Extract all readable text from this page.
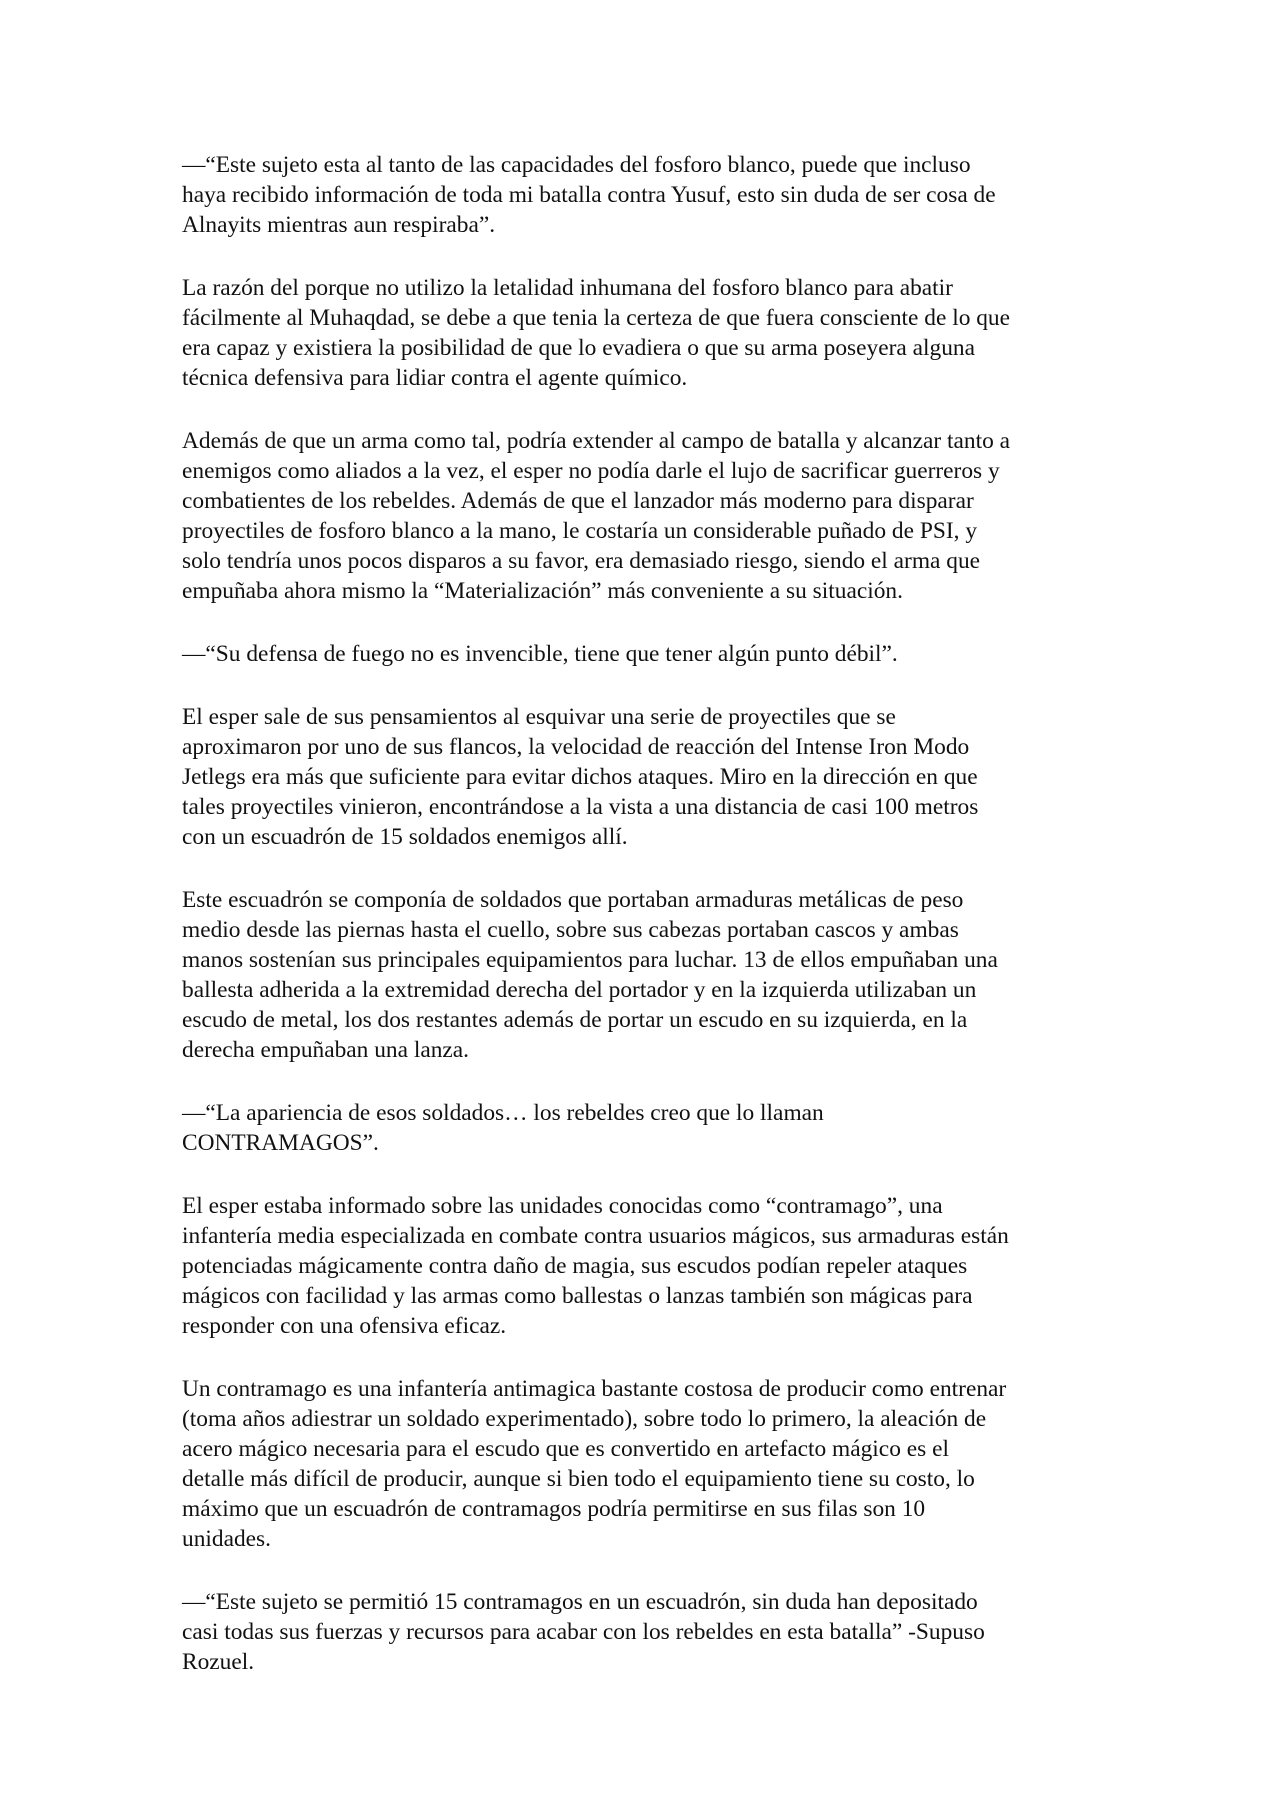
—“Este sujeto esta al tanto de las capacidades del fosforo blanco, puede que incluso
haya recibido información de toda mi batalla contra Yusuf, esto sin duda de ser cosa de
Alnayits mientras aun respiraba”.

La razón del porque no utilizo la letalidad inhumana del fosforo blanco para abatir
fácilmente al Muhaqdad, se debe a que tenia la certeza de que fuera consciente de lo que
era capaz y existiera la posibilidad de que lo evadiera o que su arma poseyera alguna
técnica defensiva para lidiar contra el agente químico.

Además de que un arma como tal, podría extender al campo de batalla y alcanzar tanto a
enemigos como aliados a la vez, el esper no podía darle el lujo de sacrificar guerreros y
combatientes de los rebeldes. Además de que el lanzador más moderno para disparar
proyectiles de fosforo blanco a la mano, le costaría un considerable puñado de PSI, y
solo tendría unos pocos disparos a su favor, era demasiado riesgo, siendo el arma que
empuñaba ahora mismo la “Materialización” más conveniente a su situación.

—“Su defensa de fuego no es invencible, tiene que tener algún punto débil”.

El esper sale de sus pensamientos al esquivar una serie de proyectiles que se
aproximaron por uno de sus flancos, la velocidad de reacción del Intense Iron Modo
Jetlegs era más que suficiente para evitar dichos ataques. Miro en la dirección en que
tales proyectiles vinieron, encontrándose a la vista a una distancia de casi 100 metros
con un escuadrón de 15 soldados enemigos allí.

Este escuadrón se componía de soldados que portaban armaduras metálicas de peso
medio desde las piernas hasta el cuello, sobre sus cabezas portaban cascos y ambas
manos sostenían sus principales equipamientos para luchar. 13 de ellos empuñaban una
ballesta adherida a la extremidad derecha del portador y en la izquierda utilizaban un
escudo de metal, los dos restantes además de portar un escudo en su izquierda, en la
derecha empuñaban una lanza.

—“La apariencia de esos soldados… los rebeldes creo que lo llaman
CONTRAMAGOS”.

El esper estaba informado sobre las unidades conocidas como “contramago”, una
infantería media especializada en combate contra usuarios mágicos, sus armaduras están
potenciadas mágicamente contra daño de magia, sus escudos podían repeler ataques
mágicos con facilidad y las armas como ballestas o lanzas también son mágicas para
responder con una ofensiva eficaz.

Un contramago es una infantería antimagica bastante costosa de producir como entrenar
(toma años adiestrar un soldado experimentado), sobre todo lo primero, la aleación de
acero mágico necesaria para el escudo que es convertido en artefacto mágico es el
detalle más difícil de producir, aunque si bien todo el equipamiento tiene su costo, lo
máximo que un escuadrón de contramagos podría permitirse en sus filas son 10
unidades.

—“Este sujeto se permitió 15 contramagos en un escuadrón, sin duda han depositado
casi todas sus fuerzas y recursos para acabar con los rebeldes en esta batalla” -Supuso
Rozuel.
